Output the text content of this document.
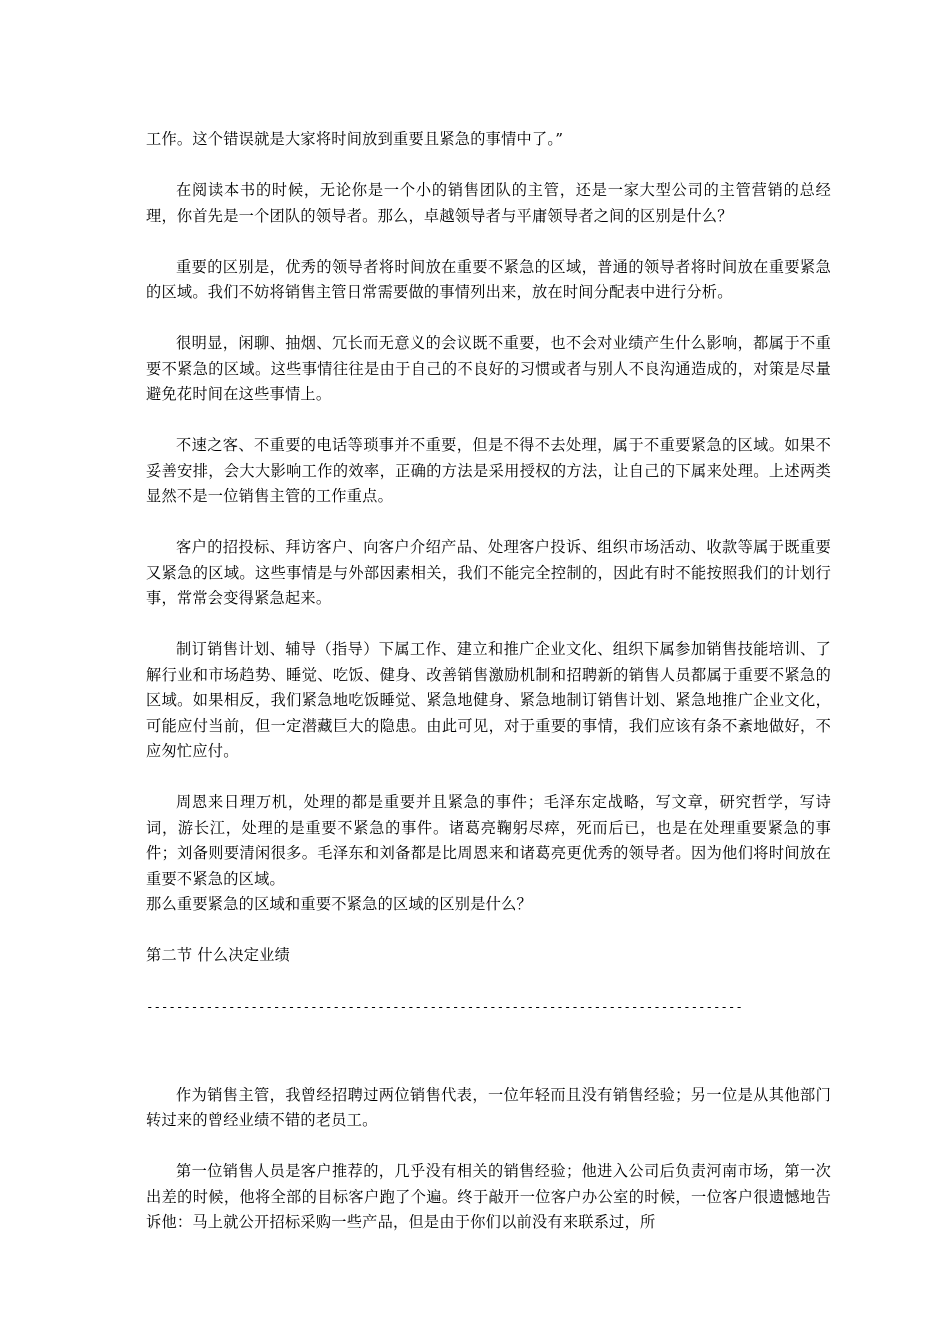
工作。这个错误就是大家将时间放到重要且紧急的事情中了。”

在阅读本书的时候，无论你是一个小的销售团队的主管，还是一家大型公司的主管营销的总经理，你首先是一个团队的领导者。那么，卓越领导者与平庸领导者之间的区别是什么？

重要的区别是，优秀的领导者将时间放在重要不紧急的区域，普通的领导者将时间放在重要紧急的区域。我们不妨将销售主管日常需要做的事情列出来，放在时间分配表中进行分析。

很明显，闲聊、抽烟、冗长而无意义的会议既不重要，也不会对业绩产生什么影响，都属于不重要不紧急的区域。这些事情往往是由于自己的不良好的习惯或者与别人不良沟通造成的，对策是尽量避免花时间在这些事情上。

不速之客、不重要的电话等琐事并不重要，但是不得不去处理，属于不重要紧急的区域。如果不妥善安排，会大大影响工作的效率，正确的方法是采用授权的方法，让自己的下属来处理。上述两类显然不是一位销售主管的工作重点。

客户的招投标、拜访客户、向客户介绍产品、处理客户投诉、组织市场活动、收款等属于既重要又紧急的区域。这些事情是与外部因素相关，我们不能完全控制的，因此有时不能按照我们的计划行事，常常会变得紧急起来。

制订销售计划、辅导（指导）下属工作、建立和推广企业文化、组织下属参加销售技能培训、了解行业和市场趋势、睡觉、吃饭、健身、改善销售激励机制和招聘新的销售人员都属于重要不紧急的区域。如果相反，我们紧急地吃饭睡觉、紧急地健身、紧急地制订销售计划、紧急地推广企业文化，可能应付当前，但一定潜藏巨大的隐患。由此可见，对于重要的事情，我们应该有条不紊地做好，不应匆忙应付。

周恩来日理万机，处理的都是重要并且紧急的事件；毛泽东定战略，写文章，研究哲学，写诗词，游长江，处理的是重要不紧急的事件。诸葛亮鞠躬尽瘁，死而后已，也是在处理重要紧急的事件；刘备则要清闲很多。毛泽东和刘备都是比周恩来和诸葛亮更优秀的领导者。因为他们将时间放在重要不紧急的区域。

那么重要紧急的区域和重要不紧急的区域的区别是什么？

第二节 什么决定业绩

--------------------------------------------------------------------------------

作为销售主管，我曾经招聘过两位销售代表，一位年轻而且没有销售经验；另一位是从其他部门转过来的曾经业绩不错的老员工。

第一位销售人员是客户推荐的，几乎没有相关的销售经验；他进入公司后负责河南市场，第一次出差的时候，他将全部的目标客户跑了个遍。终于敲开一位客户办公室的时候，一位客户很遗憾地告诉他：马上就公开招标采购一些产品，但是由于你们以前没有来联系过，所
